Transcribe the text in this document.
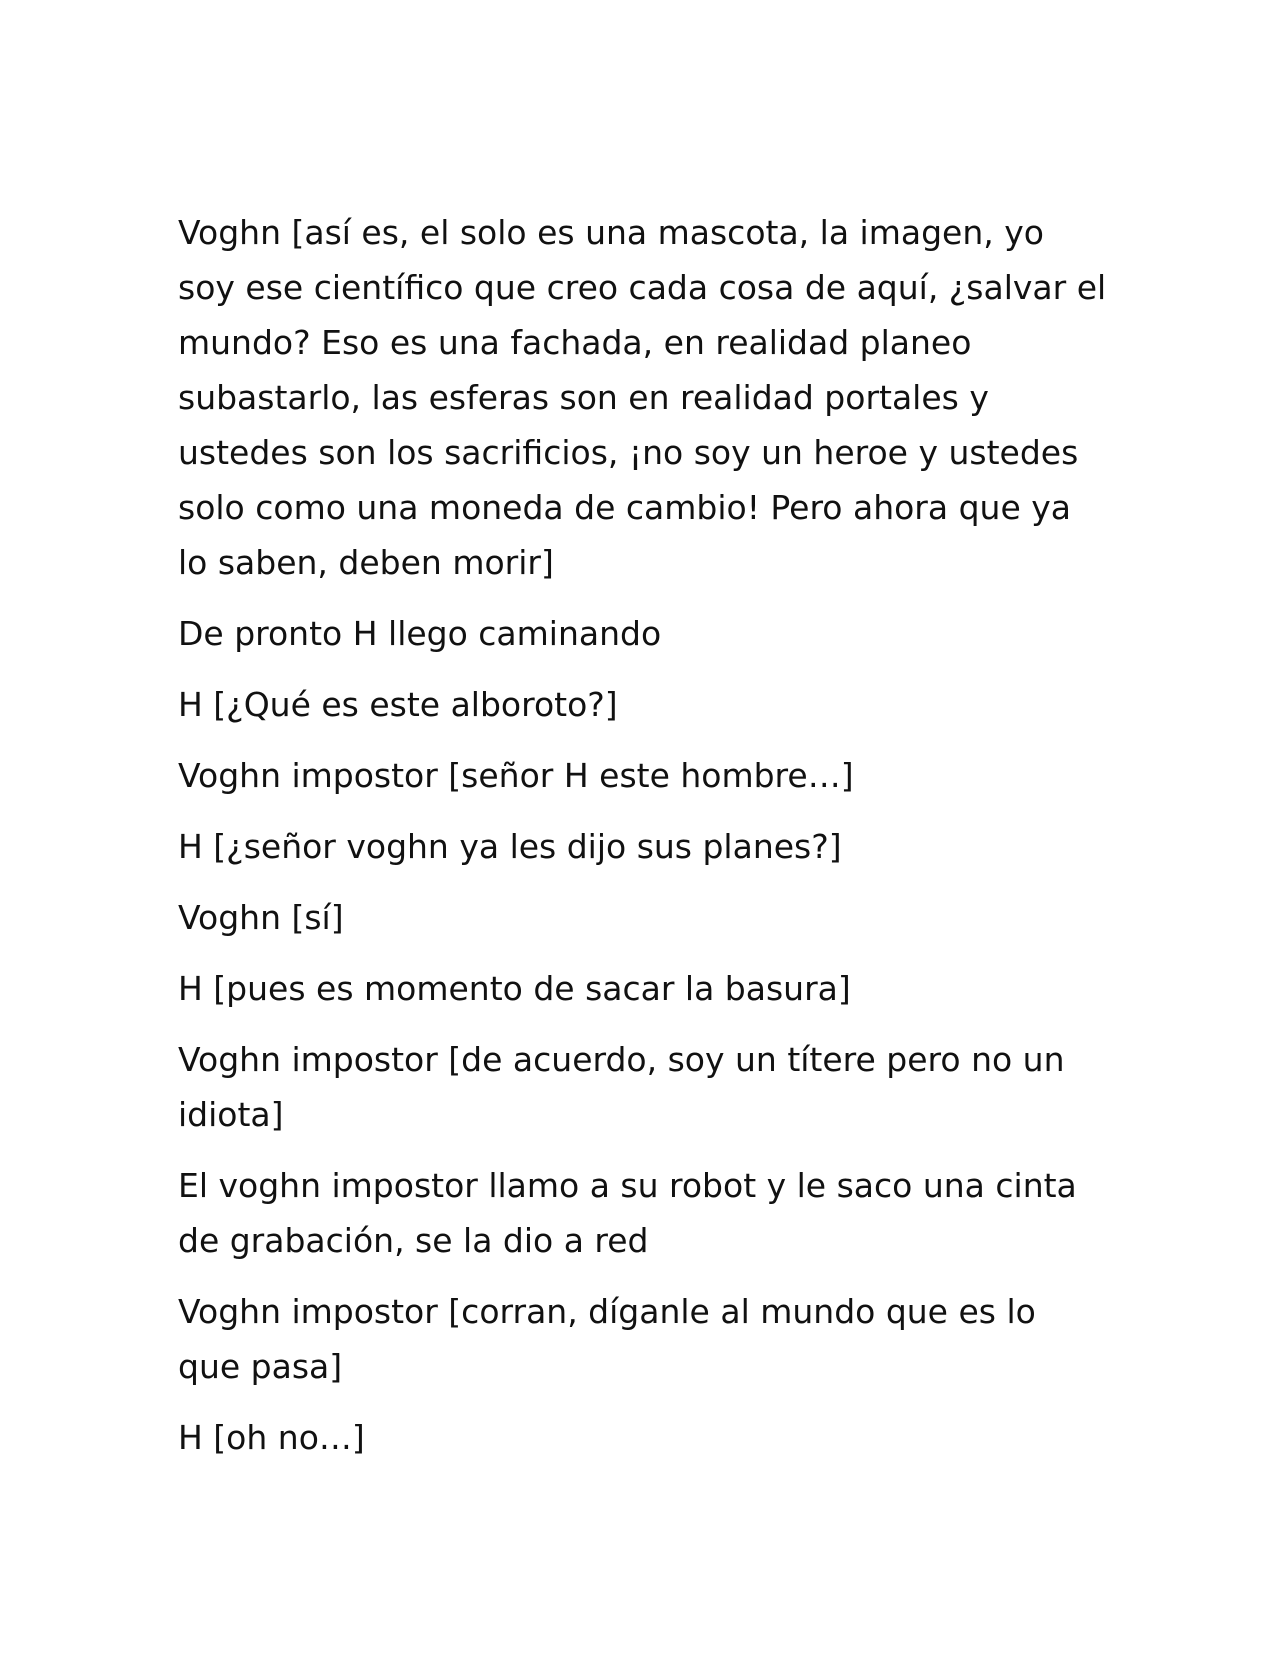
Voghn [así es, el solo es una mascota, la imagen, yo soy ese científico que creo cada cosa de aquí, ¿salvar el mundo? Eso es una fachada, en realidad planeo subastarlo, las esferas son en realidad portales y ustedes son los sacrificios, ¡no soy un heroe y ustedes solo como una moneda de cambio! Pero ahora que ya lo saben, deben morir]

De pronto H llego caminando

H [¿Qué es este alboroto?]

Voghn impostor [señor H este hombre…]

H [¿señor voghn ya les dijo sus planes?]

Voghn [sí]

H [pues es momento de sacar la basura]

Voghn impostor [de acuerdo, soy un títere pero no un idiota]

El voghn impostor llamo a su robot y le saco una cinta de grabación, se la dio a red

Voghn impostor [corran, díganle al mundo que es lo que pasa]

H [oh no…]
